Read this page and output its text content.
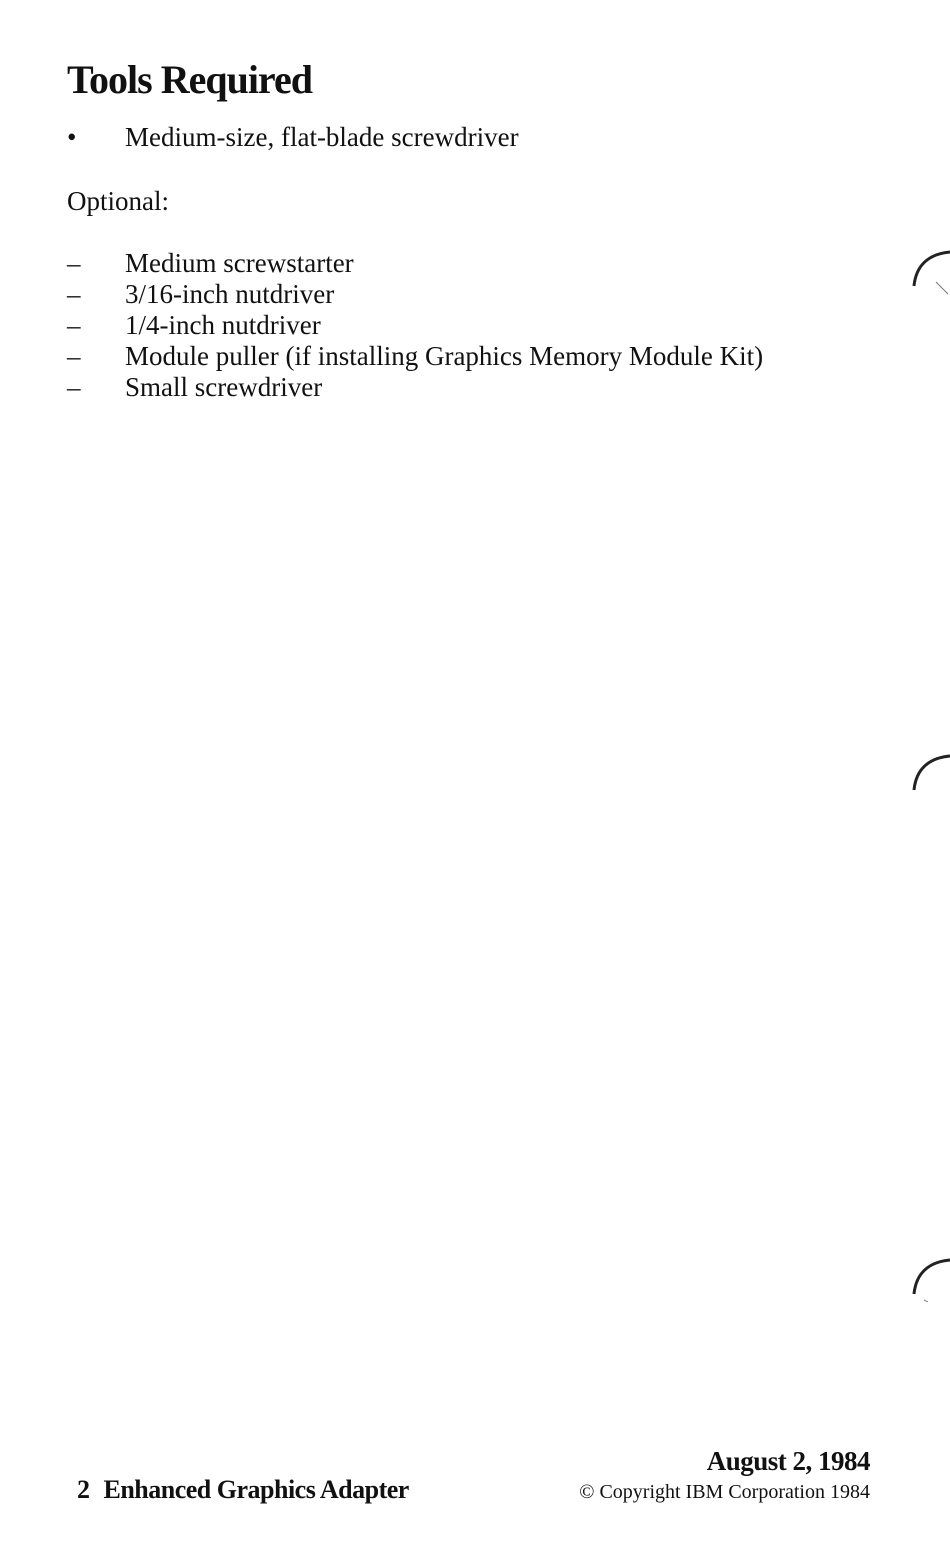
Tools Required
•	Medium-size, flat-blade screwdriver

Optional:

–	Medium screwstarter
–	3/16-inch nutdriver
–	1/4-inch nutdriver
–	Module puller (if installing Graphics Memory Module Kit)
–	Small screwdriver
2 Enhanced Graphics Adapter
August 2, 1984
© Copyright IBM Corporation 1984
